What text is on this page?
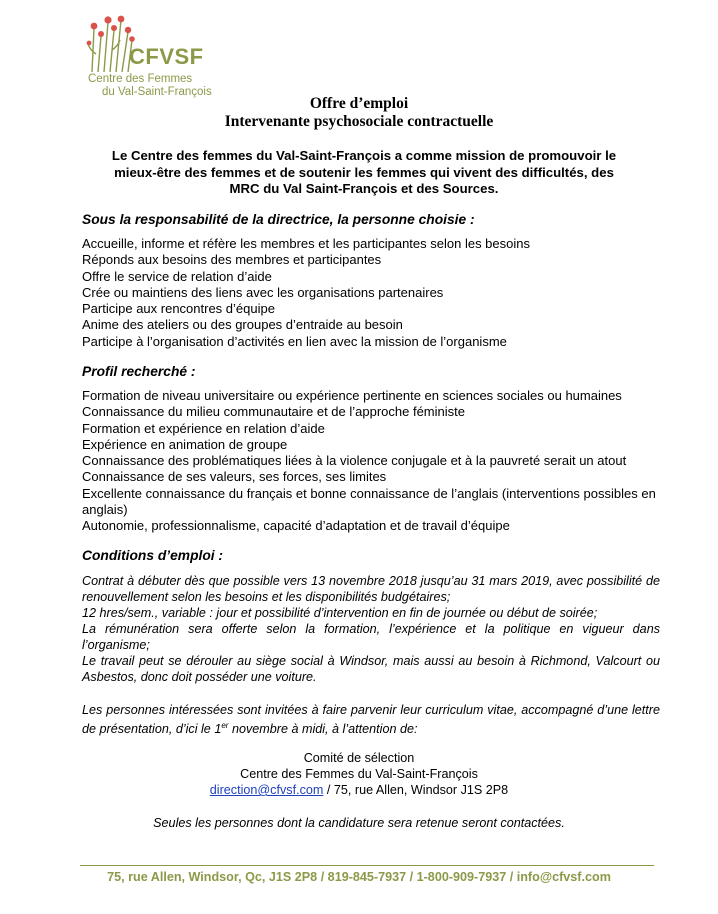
CFVSF
Centre des Femmes
du Val-Saint-François
Offre d’emploi
Intervenante psychosociale contractuelle
Le Centre des femmes du Val-Saint-François a comme mission de promouvoir le
mieux-être des femmes et de soutenir les femmes qui vivent des difficultés, des
MRC du Val Saint-François et des Sources.
Sous la responsabilité de la directrice, la personne choisie :
Accueille, informe et réfère les membres et les participantes selon les besoins
Réponds aux besoins des membres et participantes
Offre le service de relation d’aide
Crée ou maintiens des liens avec les organisations partenaires
Participe aux rencontres d’équipe
Anime des ateliers ou des groupes d’entraide au besoin
Participe à l’organisation d’activités en lien avec la mission de l’organisme
Profil recherché :
Formation de niveau universitaire ou expérience pertinente en sciences sociales ou humaines
Connaissance du milieu communautaire et de l’approche féministe
Formation et expérience en relation d’aide
Expérience en animation de groupe
Connaissance des problématiques liées à la violence conjugale et à la pauvreté serait un atout
Connaissance de ses valeurs, ses forces, ses limites
Excellente connaissance du français et bonne connaissance de l’anglais (interventions possibles en anglais)
Autonomie, professionnalisme, capacité d’adaptation et de travail d’équipe
Conditions d’emploi :

Contrat à débuter dès que possible vers 13 novembre 2018 jusqu’au 31 mars 2019, avec possibilité de renouvellement selon les besoins et les disponibilités budgétaires;

12 hres/sem., variable : jour et possibilité d’intervention en fin de journée ou début de soirée;

La rémunération sera offerte selon la formation, l’expérience et la politique en vigueur dans l’organisme;

Le travail peut se dérouler au siège social à Windsor, mais aussi au besoin à Richmond, Valcourt ou Asbestos, donc doit posséder une voiture.

Les personnes intéressées sont invitées à faire parvenir leur curriculum vitae, accompagné d’une lettre de présentation, d’ici le 1er novembre à midi, à l’attention de:

Comité de sélection
Centre des Femmes du Val-Saint-François
direction@cfvsf.com / 75, rue Allen, Windsor J1S 2P8
Seules les personnes dont la candidature sera retenue seront contactées.
75, rue Allen, Windsor, Qc, J1S 2P8 / 819-845-7937 / 1-800-909-7937 / info@cfvsf.com
